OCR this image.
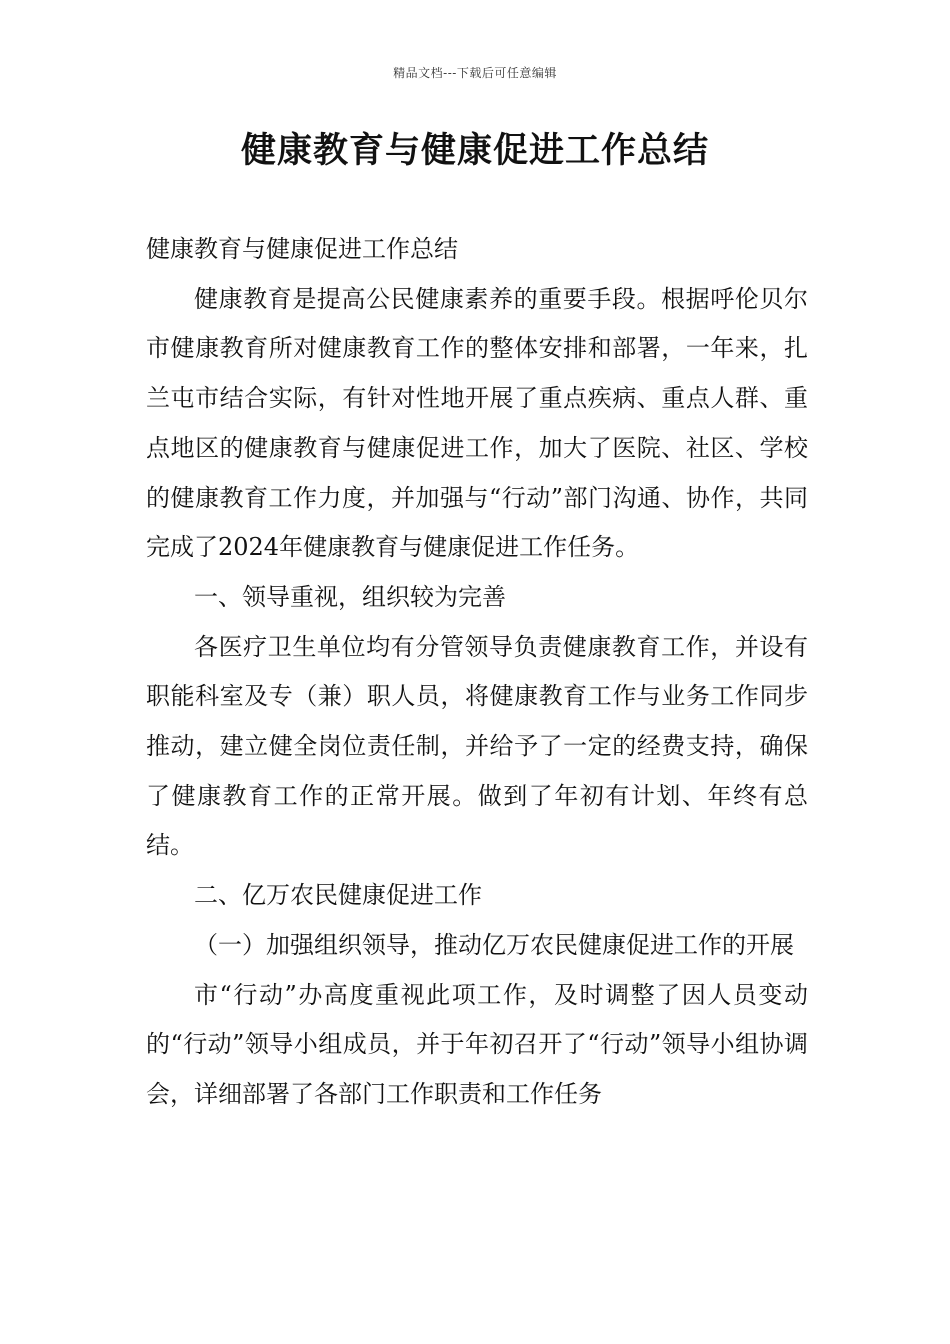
精品文档---下载后可任意编辑
健康教育与健康促进工作总结

健康教育与健康促进工作总结

健康教育是提高公民健康素养的重要手段。根据呼伦贝尔市健康教育所对健康教育工作的整体安排和部署，一年来，扎兰屯市结合实际，有针对性地开展了重点疾病、重点人群、重点地区的健康教育与健康促进工作，加大了医院、社区、学校的健康教育工作力度，并加强与“行动”部门沟通、协作，共同完成了2024年健康教育与健康促进工作任务。

一、领导重视，组织较为完善

各医疗卫生单位均有分管领导负责健康教育工作，并设有职能科室及专（兼）职人员，将健康教育工作与业务工作同步推动，建立健全岗位责任制，并给予了一定的经费支持，确保了健康教育工作的正常开展。做到了年初有计划、年终有总结。

二、亿万农民健康促进工作

（一）加强组织领导，推动亿万农民健康促进工作的开展

市“行动”办高度重视此项工作，及时调整了因人员变动的“行动”领导小组成员，并于年初召开了“行动”领导小组协调会，详细部署了各部门工作职责和工作任务
